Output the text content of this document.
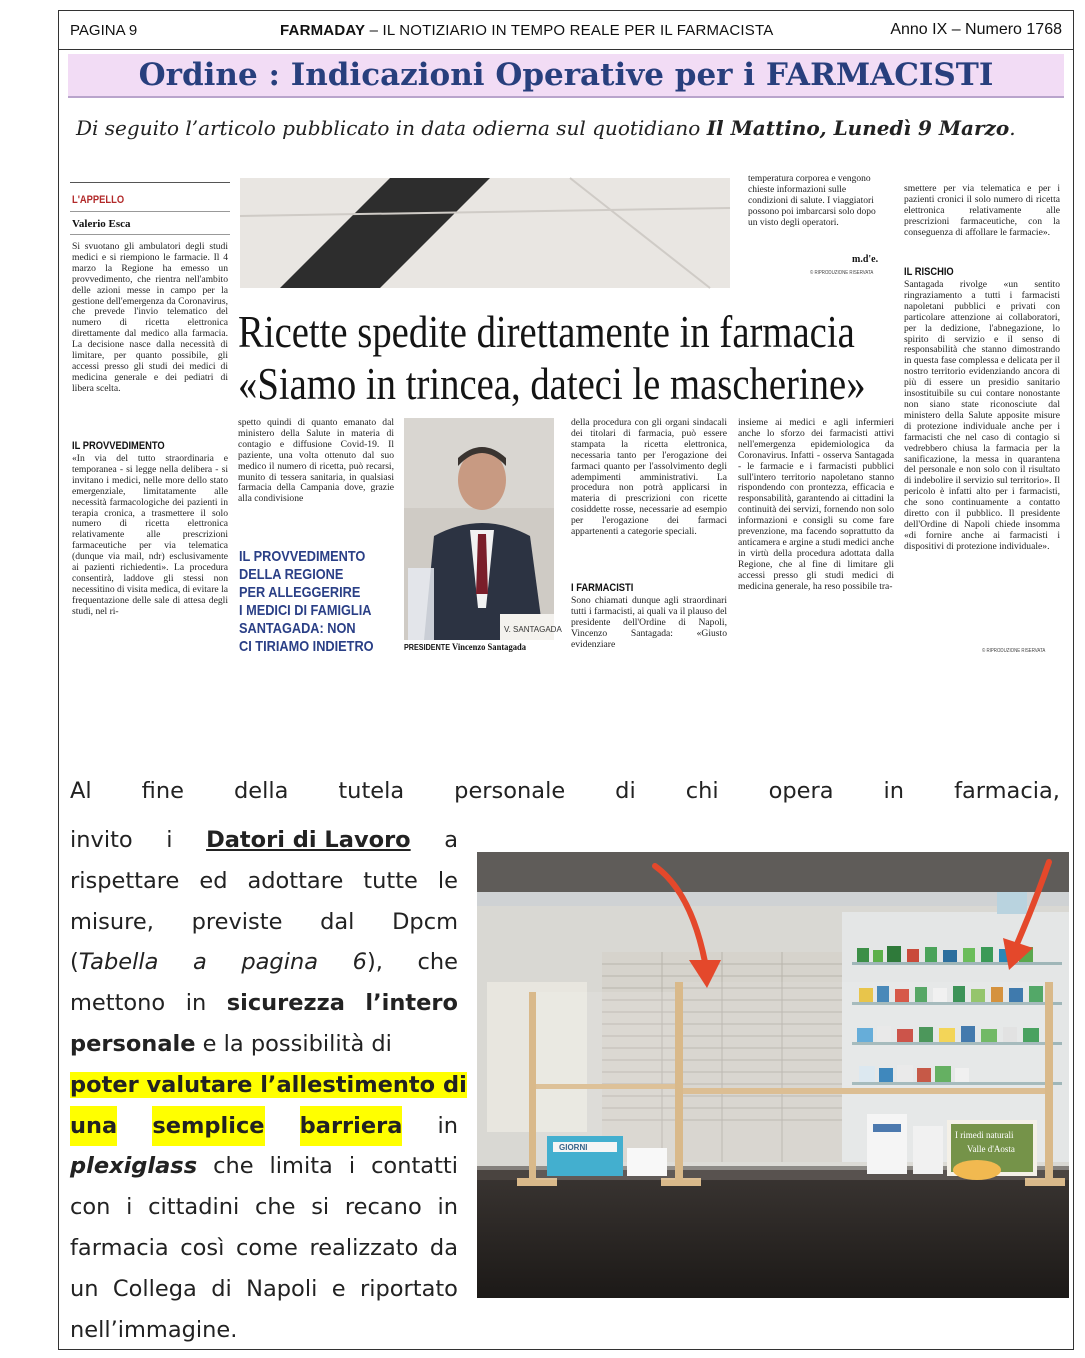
PAGINA 9	FARMADAY – IL NOTIZIARIO IN TEMPO REALE PER IL FARMACISTA	Anno IX – Numero 1768
Ordine : Indicazioni Operative per i FARMACISTI
Di seguito l’articolo pubblicato in data odierna sul quotidiano Il Mattino, Lunedì 9 Marzo.
L'APPELLO
Valerio Esca
Si svuotano gli ambulatori degli studi medici e si riempiono le farmacie. Il 4 marzo la Regione ha emesso un provvedimento, che rientra nell'ambito delle azioni messe in campo per la gestione dell'emergenza da Coronavirus, che prevede l'invio telematico del numero di ricetta elettronica direttamente dal medico alla farmacia. La decisione nasce dalla necessità di limitare, per quanto possibile, gli accessi presso gli studi dei medici di medicina generale e dei pediatri di libera scelta.
IL PROVVEDIMENTO
«In via del tutto straordinaria e temporanea - si legge nella delibera - si invitano i medici, nelle more dello stato emergenziale, limitatamente alle necessità farmacologiche dei pazienti in terapia cronica, a trasmettere il solo numero di ricetta elettronica relativamente alle prescrizioni farmaceutiche per via telematica (dunque via mail, ndr) esclusivamente ai pazienti richiedenti». La procedura consentirà, laddove gli stessi non necessitino di visita medica, di evitare la frequentazione delle sale di attesa degli studi, nel ri-
temperatura corporea e vengono chieste informazioni sulle condizioni di salute. I viaggiatori possono poi imbarcarsi solo dopo un visto degli operatori.
m.d'e.
© RIPRODUZIONE RISERVATA
Ricette spedite direttamente in farmacia
«Siamo in trincea, dateci le mascherine»
spetto quindi di quanto emanato dal ministero della Salute in materia di contagio e diffusione Covid-19. Il paziente, una volta ottenuto dal suo medico il numero di ricetta, può recarsi, munito di tessera sanitaria, in qualsiasi farmacia della Campania dove, grazie alla condivisione
IL PROVVEDIMENTO
DELLA REGIONE
PER ALLEGGERIRE
I MEDICI DI FAMIGLIA
SANTAGADA: NON
CI TIRIAMO INDIETRO
V. SANTAGADA
PRESIDENTE Vincenzo Santagada
della procedura con gli organi sindacali dei titolari di farmacia, può essere stampata la ricetta elettronica, necessaria tanto per l'erogazione dei farmaci quanto per l'assolvimento degli adempimenti amministrativi. La procedura non potrà applicarsi in materia di prescrizioni con ricette cosiddette rosse, necessarie ad esempio per l'erogazione dei farmaci appartenenti a categorie speciali.
I FARMACISTI
Sono chiamati dunque agli straordinari tutti i farmacisti, ai quali va il plauso del presidente dell'Ordine di Napoli, Vincenzo Santagada: «Giusto evidenziare
insieme ai medici e agli infermieri anche lo sforzo dei farmacisti attivi nell'emergenza epidemiologica da Coronavirus. Infatti - osserva Santagada - le farmacie e i farmacisti pubblici sull'intero territorio napoletano stanno rispondendo con prontezza, efficacia e responsabilità, garantendo ai cittadini la continuità dei servizi, fornendo non solo informazioni e consigli su come fare prevenzione, ma facendo soprattutto da anticamera e argine a studi medici anche in virtù della procedura adottata dalla Regione, che al fine di limitare gli accessi presso gli studi medici di medicina generale, ha reso possibile tra-
smettere per via telematica e per i pazienti cronici il solo numero di ricetta elettronica relativamente alle prescrizioni farmaceutiche, con la conseguenza di affollare le farmacie».
IL RISCHIO
Santagada rivolge «un sentito ringraziamento a tutti i farmacisti napoletani pubblici e privati con particolare attenzione ai collaboratori, per la dedizione, l'abnegazione, lo spirito di servizio e il senso di responsabilità che stanno dimostrando in questa fase complessa e delicata per il nostro territorio evidenziando ancora di più di essere un presidio sanitario insostituibile su cui contare nonostante non siano state riconosciute dal ministero della Salute apposite misure di protezione individuale anche per i farmacisti che nel caso di contagio si vedrebbero chiusa la farmacia per la sanificazione, la messa in quarantena del personale e non solo con il risultato di indebolire il servizio sul territorio». Il pericolo è infatti alto per i farmacisti, che sono continuamente a contatto diretto con il pubblico. Il presidente dell'Ordine di Napoli chiede insomma «di fornire anche ai farmacisti i dispositivi di protezione individuale».
© RIPRODUZIONE RISERVATA
Al fine della tutela personale di chi opera in farmacia,
invito i Datori di Lavoro a
rispettare ed adottare tutte le
misure, previste dal Dpcm
(Tabella a pagina 6), che
mettono in sicurezza l’intero
personale e la possibilità di
poter valutare l’allestimento di
una semplice barriera in
plexiglass che limita i contatti
con i cittadini che si recano in
farmacia così come realizzato da
un Collega di Napoli e riportato
nell’immagine.
GIORNI
I rimedi naturali
Valle d'Aosta
